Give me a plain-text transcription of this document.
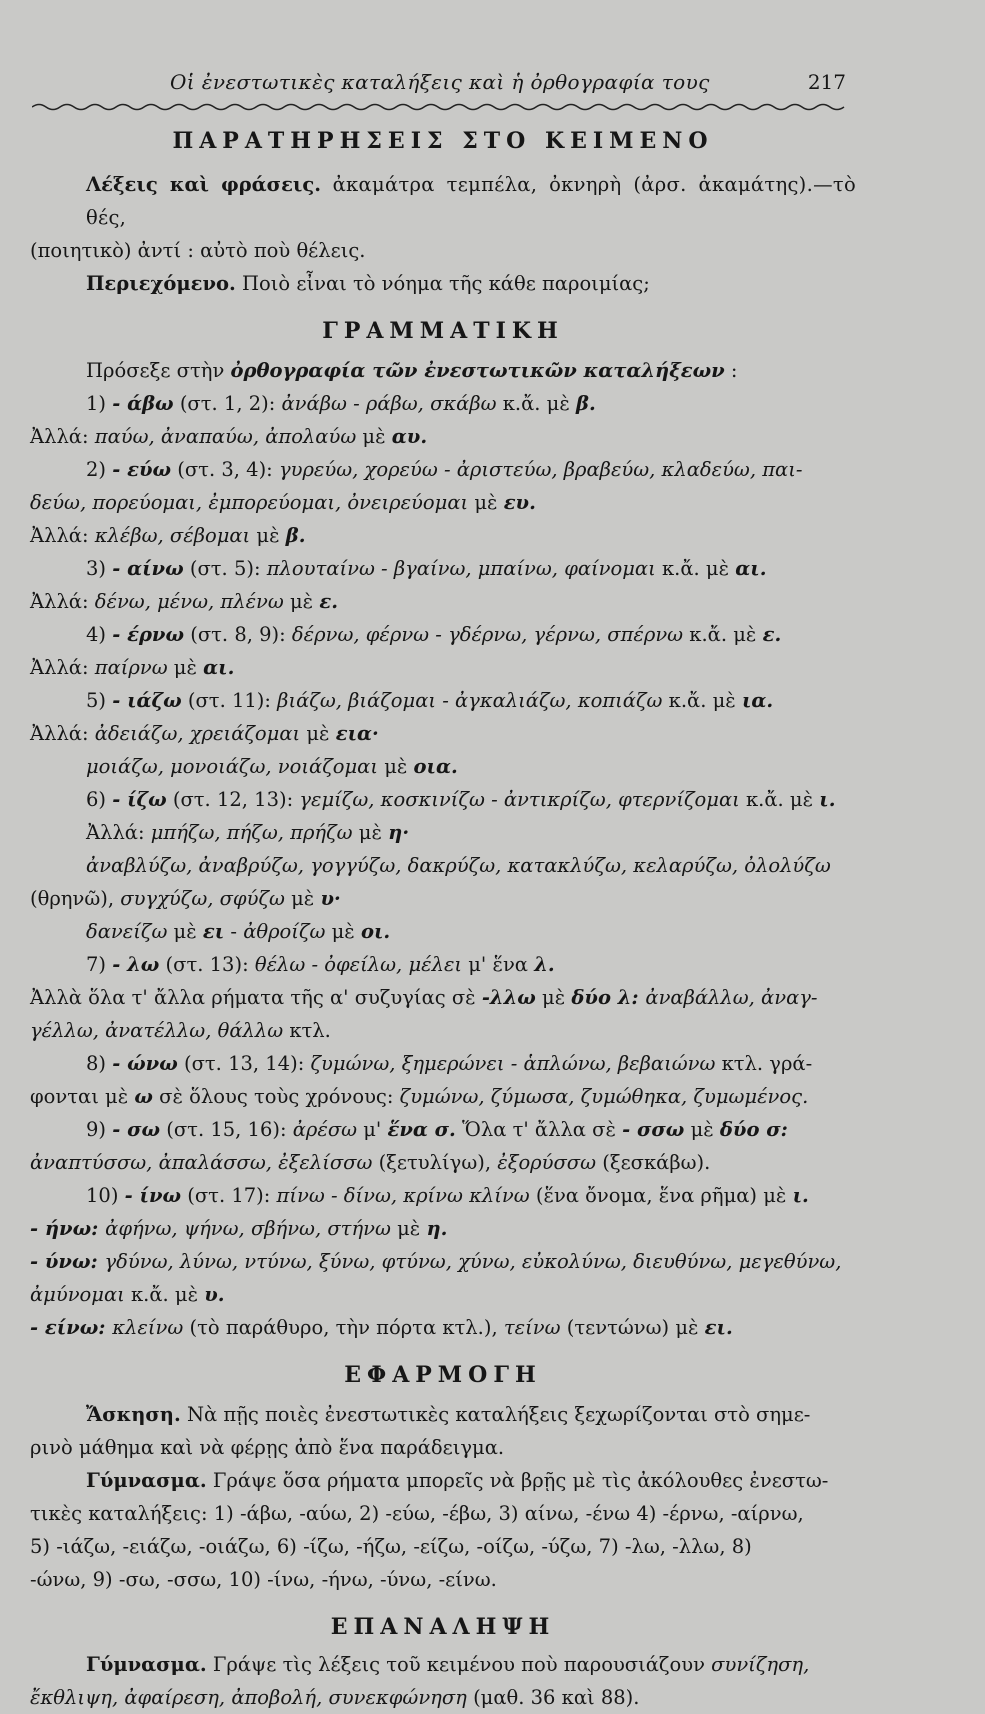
Οἱ ἐνεστωτικὲς καταλήξεις καὶ ἡ ὀρθογραφία τους	217
ΠΑΡΑΤΗΡΗΣΕΙΣ ΣΤΟ ΚΕΙΜΕΝΟ

Λέξεις καὶ φράσεις. ἀκαμάτρα τεμπέλα, ὀκνηρὴ (ἀρσ. ἀκαμάτης).—τὸ θές,

(ποιητικὸ) ἀντί : αὐτὸ ποὺ θέλεις.

Περιεχόμενο. Ποιὸ εἶναι τὸ νόημα τῆς κάθε παροιμίας;

ΓΡΑΜΜΑΤΙΚΗ

Πρόσεξε στὴν ὀρθογραφία τῶν ἐνεστωτικῶν καταλήξεων :

1) - άβω (στ. 1, 2): ἀνάβω - ράβω, σκάβω κ.ἄ. μὲ β.

Ἀλλά: παύω, ἀναπαύω, ἀπολαύω μὲ αυ.

2) - εύω (στ. 3, 4): γυρεύω, χορεύω - ἀριστεύω, βραβεύω, κλαδεύω, παι-

δεύω, πορεύομαι, ἐμπορεύομαι, ὀνειρεύομαι μὲ ευ.

Ἀλλά: κλέβω, σέβομαι μὲ β.

3) - αίνω (στ. 5): πλουταίνω - βγαίνω, μπαίνω, φαίνομαι κ.ἄ. μὲ αι.

Ἀλλά: δένω, μένω, πλένω μὲ ε.

4) - έρνω (στ. 8, 9): δέρνω, φέρνω - γδέρνω, γέρνω, σπέρνω κ.ἄ. μὲ ε.

Ἀλλά: παίρνω μὲ αι.

5) - ιάζω (στ. 11): βιάζω, βιάζομαι - ἀγκαλιάζω, κοπιάζω κ.ἄ. μὲ ια.

Ἀλλά: ἀδειάζω, χρειάζομαι μὲ εια·

μοιάζω, μονοιάζω, νοιάζομαι μὲ οια.

6) - ίζω (στ. 12, 13): γεμίζω, κοσκινίζω - ἀντικρίζω, φτερνίζομαι κ.ἄ. μὲ ι.

Ἀλλά: μπήζω, πήζω, πρήζω μὲ η·

ἀναβλύζω, ἀναβρύζω, γογγύζω, δακρύζω, κατακλύζω, κελαρύζω, ὀλολύζω

(θρηνῶ), συγχύζω, σφύζω μὲ υ·

δανείζω μὲ ει - ἀθροίζω μὲ οι.

7) - λω (στ. 13): θέλω - ὀφείλω, μέλει μ' ἕνα λ.

Ἀλλὰ ὅλα τ' ἄλλα ρήματα τῆς α' συζυγίας σὲ -λλω μὲ δύο λ: ἀναβάλλω, ἀναγ-

γέλλω, ἀνατέλλω, θάλλω κτλ.

8) - ώνω (στ. 13, 14): ζυμώνω, ξημερώνει - ἁπλώνω, βεβαιώνω κτλ. γρά-

φονται μὲ ω σὲ ὅλους τοὺς χρόνους: ζυμώνω, ζύμωσα, ζυμώθηκα, ζυμωμένος.

9) - σω (στ. 15, 16): ἀρέσω μ' ἕνα σ. Ὅλα τ' ἄλλα σὲ - σσω μὲ δύο σ:

ἀναπτύσσω, ἀπαλάσσω, ἐξελίσσω (ξετυλίγω), ἐξορύσσω (ξεσκάβω).

10) - ίνω (στ. 17): πίνω - δίνω, κρίνω κλίνω (ἕνα ὄνομα, ἕνα ρῆμα) μὲ ι.

- ήνω: ἀφήνω, ψήνω, σβήνω, στήνω μὲ η.

- ύνω: γδύνω, λύνω, ντύνω, ξύνω, φτύνω, χύνω, εὐκολύνω, διευθύνω, μεγεθύνω,

ἀμύνομαι κ.ἄ. μὲ υ.

- είνω: κλείνω (τὸ παράθυρο, τὴν πόρτα κτλ.), τείνω (τεντώνω) μὲ ει.

ΕΦΑΡΜΟΓΗ

Ἄσκηση. Νὰ πῇς ποιὲς ἐνεστωτικὲς καταλήξεις ξεχωρίζονται στὸ σημε-

ρινὸ μάθημα καὶ νὰ φέρῃς ἀπὸ ἕνα παράδειγμα.

Γύμνασμα. Γράψε ὅσα ρήματα μπορεῖς νὰ βρῇς μὲ τὶς ἀκόλουθες ἐνεστω-

τικὲς καταλήξεις: 1) -άβω, -αύω, 2) -εύω, -έβω, 3) αίνω, -ένω 4) -έρνω, -αίρνω,

5) -ιάζω, -ειάζω, -οιάζω, 6) -ίζω, -ήζω, -είζω, -οίζω, -ύζω, 7) -λω, -λλω, 8)

-ώνω, 9) -σω, -σσω, 10) -ίνω, -ήνω, -ύνω, -είνω.

ΕΠΑΝΑΛΗΨΗ

Γύμνασμα. Γράψε τὶς λέξεις τοῦ κειμένου ποὺ παρουσιάζουν συνίζηση,

ἔκθλιψη, ἀφαίρεση, ἀποβολή, συνεκφώνηση (μαθ. 36 καὶ 88).
